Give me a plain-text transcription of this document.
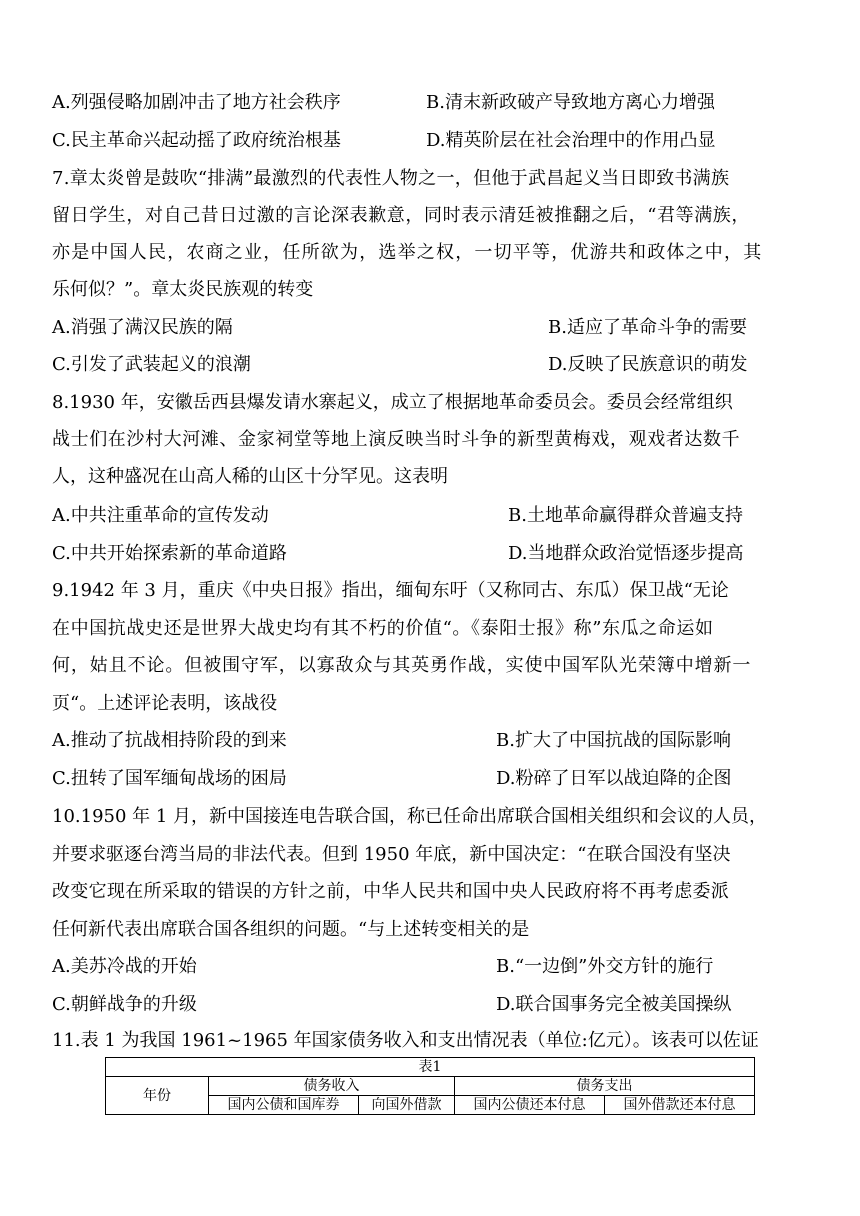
A.列强侵略加剧冲击了地方社会秩序	B.清末新政破产导致地方离心力增强
C.民主革命兴起动摇了政府统治根基	D.精英阶层在社会治理中的作用凸显
7.章太炎曾是鼓吹“排满”最激烈的代表性人物之一，但他于武昌起义当日即致书满族
留日学生，对自己昔日过激的言论深表歉意，同时表示清廷被推翻之后，“君等满族，
亦是中国人民，农商之业，任所欲为，选举之权，一切平等，优游共和政体之中，其
乐何似？”。章太炎民族观的转变
A.消强了满汉民族的隔	B.适应了革命斗争的需要
C.引发了武装起义的浪潮	D.反映了民族意识的萌发
8.1930 年，安徽岳西县爆发请水寨起义，成立了根据地革命委员会。委员会经常组织
战士们在沙村大河滩、金家祠堂等地上演反映当时斗争的新型黄梅戏，观戏者达数千
人，这种盛况在山高人稀的山区十分罕见。这表明
A.中共注重革命的宣传发动	B.土地革命赢得群众普遍支持
C.中共开始探索新的革命道路	D.当地群众政治觉悟逐步提高
9.1942 年 3 月，重庆《中央日报》指出，缅甸东吁（又称同古、东瓜）保卫战“无论
在中国抗战史还是世界大战史均有其不朽的价值“。《泰阳士报》称”东瓜之命运如
何，姑且不论。但被围守军，以寡敌众与其英勇作战，实使中国军队光荣簿中增新一
页“。上述评论表明，该战役
A.推动了抗战相持阶段的到来	B.扩大了中国抗战的国际影响
C.扭转了国军缅甸战场的困局	D.粉碎了日军以战迫降的企图
10.1950 年 1 月，新中国接连电告联合国，称已任命出席联合国相关组织和会议的人员，
并要求驱逐台湾当局的非法代表。但到 1950 年底，新中国决定：“在联合国没有坚决
改变它现在所采取的错误的方针之前，中华人民共和国中央人民政府将不再考虑委派
任何新代表出席联合国各组织的问题。“与上述转变相关的是
A.美苏冷战的开始	B.“一边倒”外交方针的施行
C.朝鲜战争的升级	D.联合国事务完全被美国操纵
11.表 1 为我国 1961~1965 年国家债务收入和支出情况表（单位:亿元）。该表可以佐证
表1				
年份	债务收入		债务支出	
	国内公债和国库券	向国外借款	国内公债还本付息	国外借款还本付息
